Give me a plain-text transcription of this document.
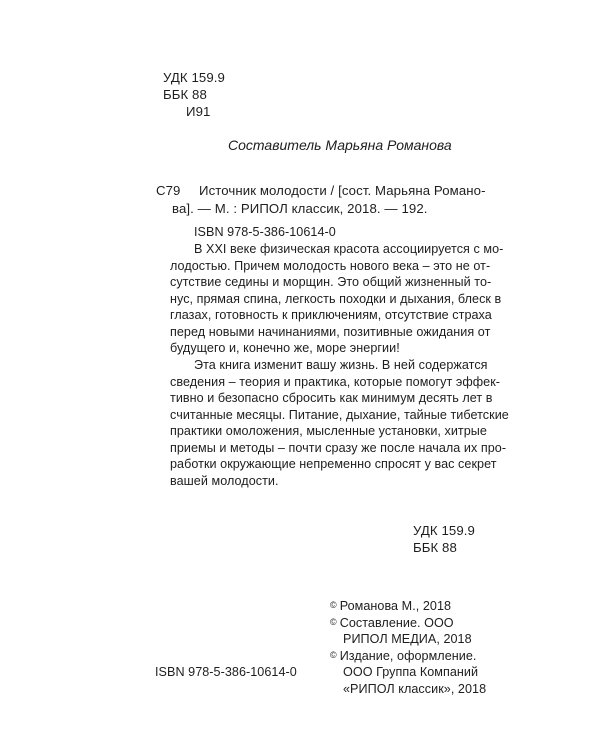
УДК 159.9
ББК 88
И91
Составитель Марьяна Романова
С79 Источник молодости / [сост. Марьяна Романо-
ва]. — М. : РИПОЛ классик, 2018. — 192.
ISBN 978-5-386-10614-0
В XXI веке физическая красота ассоциируется с мо-
лодостью. Причем молодость нового века – это не от-
сутствие седины и морщин. Это общий жизненный то-
нус, прямая спина, легкость походки и дыхания, блеск в
глазах, готовность к приключениям, отсутствие страха
перед новыми начинаниями, позитивные ожидания от
будущего и, конечно же, море энергии!
Эта книга изменит вашу жизнь. В ней содержатся
сведения – теория и практика, которые помогут эффек-
тивно и безопасно сбросить как минимум десять лет в
считанные месяцы. Питание, дыхание, тайные тибетские
практики омоложения, мысленные установки, хитрые
приемы и методы – почти сразу же после начала их про-
работки окружающие непременно спросят у вас секрет
вашей молодости.
УДК 159.9
ББК 88
© Романова М., 2018
© Составление. ООО
РИПОЛ МЕДИА, 2018
© Издание, оформление.
ООО Группа Компаний
«РИПОЛ классик», 2018
ISBN 978-5-386-10614-0
